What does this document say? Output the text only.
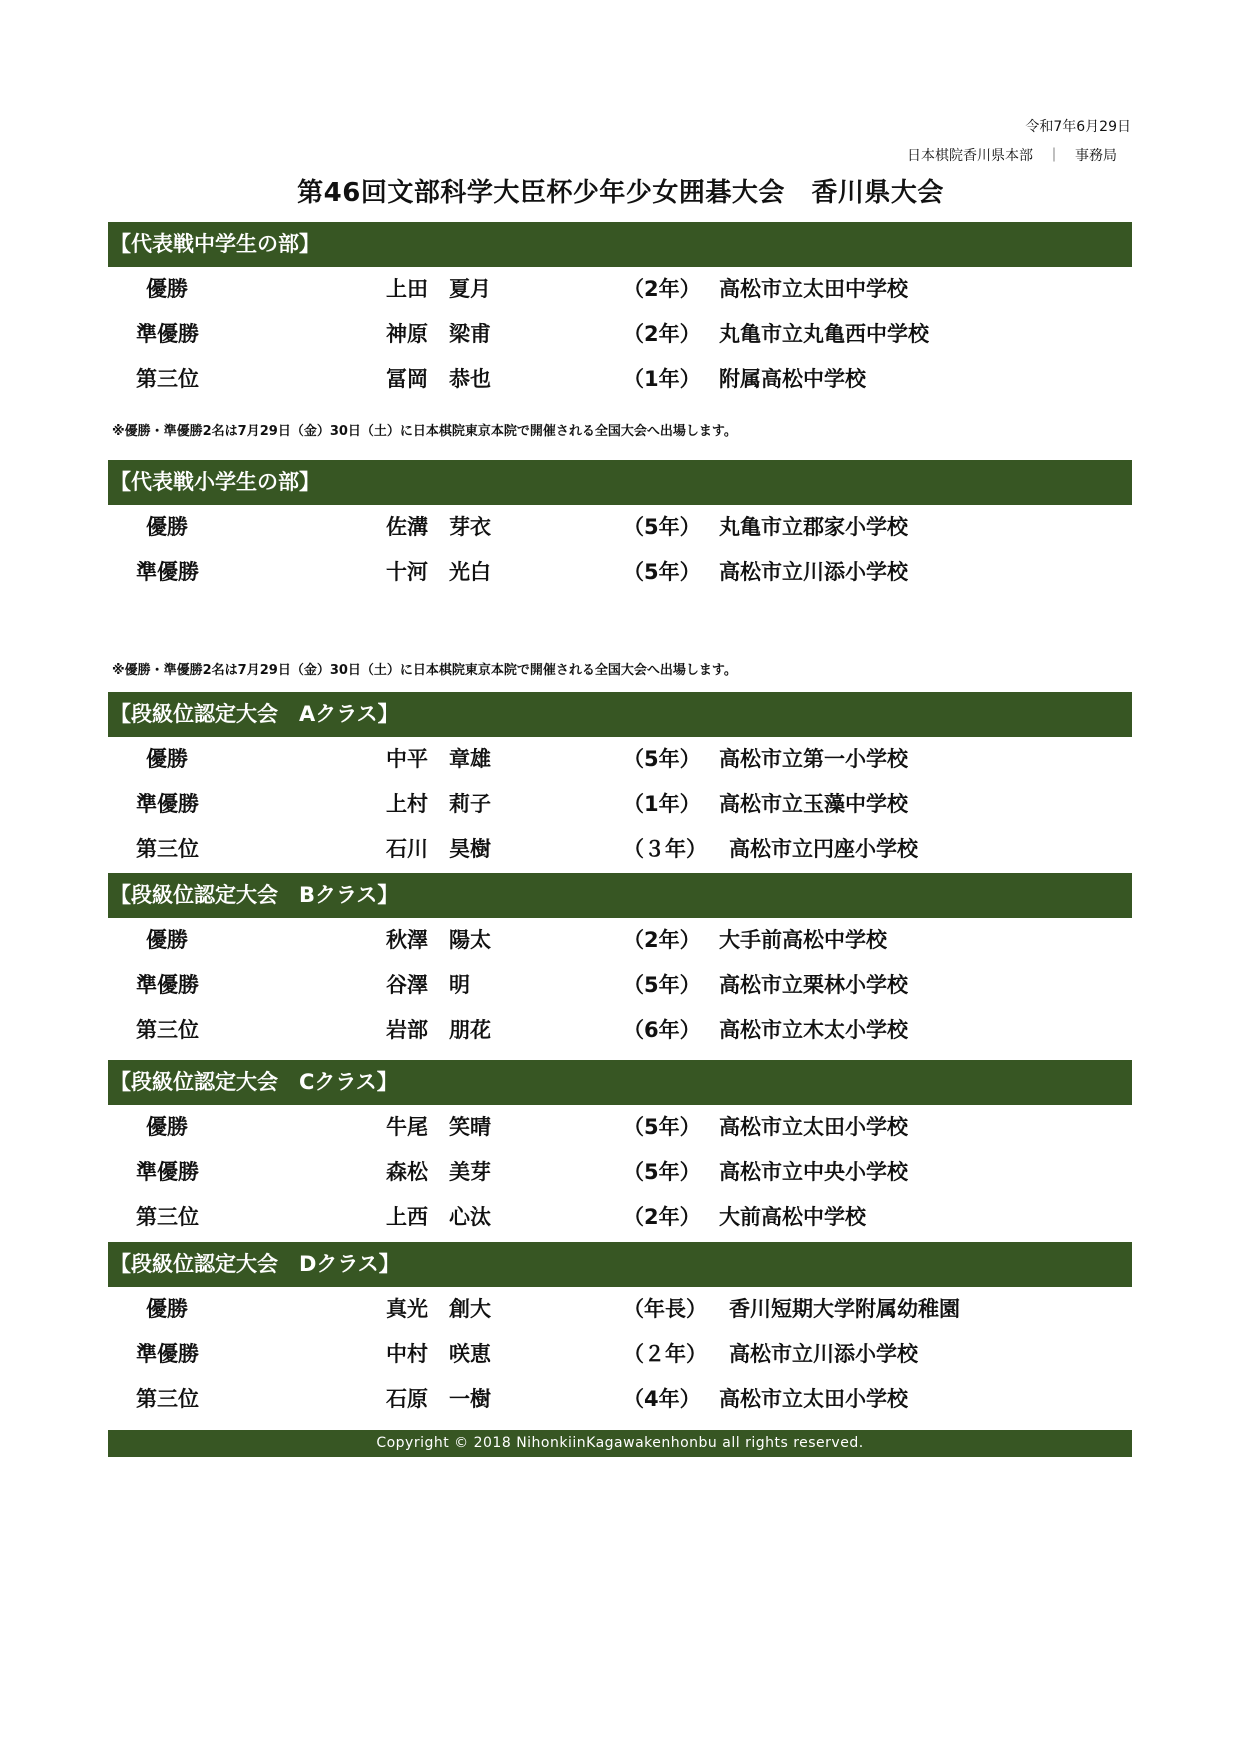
令和7年6月29日
日本棋院香川県本部　｜　事務局
第46回文部科学大臣杯少年少女囲碁大会　香川県大会
【代表戦中学生の部】
優勝	上田　夏月	（2年） 高松市立太田中学校
準優勝	神原　梁甫	（2年） 丸亀市立丸亀西中学校
第三位	冨岡　恭也	（1年） 附属高松中学校
※優勝・準優勝2名は7月29日（金）30日（土）に日本棋院東京本院で開催される全国大会へ出場します。
【代表戦小学生の部】
優勝	佐溝　芽衣	（5年） 丸亀市立郡家小学校
準優勝	十河　光白	（5年） 高松市立川添小学校
※優勝・準優勝2名は7月29日（金）30日（土）に日本棋院東京本院で開催される全国大会へ出場します。
【段級位認定大会　Aクラス】
優勝	中平　章雄	（5年） 高松市立第一小学校
準優勝	上村　莉子	（1年） 高松市立玉藻中学校
第三位	石川　昊樹	（３年） 高松市立円座小学校
【段級位認定大会　Bクラス】
優勝	秋澤　陽太	（2年） 大手前高松中学校
準優勝	谷澤　明	（5年） 高松市立栗林小学校
第三位	岩部　朋花	（6年） 高松市立木太小学校
【段級位認定大会　Cクラス】
優勝	牛尾　笑晴	（5年） 高松市立太田小学校
準優勝	森松　美芽	（5年） 高松市立中央小学校
第三位	上西　心汰	（2年） 大前高松中学校
【段級位認定大会　Dクラス】
優勝	真光　創大	（年長） 香川短期大学附属幼稚園
準優勝	中村　咲恵	（２年） 高松市立川添小学校
第三位	石原　一樹	（4年） 高松市立太田小学校
Copyright © 2018 NihonkiinKagawakenhonbu all rights reserved.
